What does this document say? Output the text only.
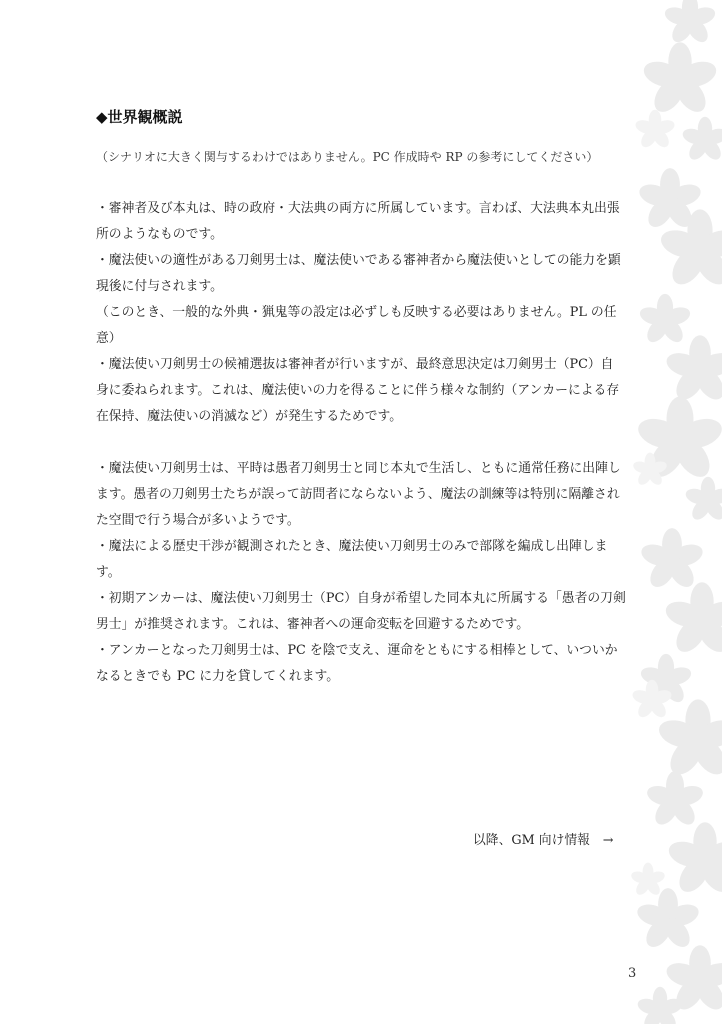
◆世界観概説
（シナリオに大きく関与するわけではありません。PC 作成時や RP の参考にしてください）

・審神者及び本丸は、時の政府・大法典の両方に所属しています。言わば、大法典本丸出張所のようなものです。

・魔法使いの適性がある刀剣男士は、魔法使いである審神者から魔法使いとしての能力を顕現後に付与されます。

（このとき、一般的な外典・猟鬼等の設定は必ずしも反映する必要はありません。PL の任意）

・魔法使い刀剣男士の候補選抜は審神者が行いますが、最終意思決定は刀剣男士（PC）自身に委ねられます。これは、魔法使いの力を得ることに伴う様々な制約（アンカーによる存在保持、魔法使いの消滅など）が発生するためです。

・魔法使い刀剣男士は、平時は愚者刀剣男士と同じ本丸で生活し、ともに通常任務に出陣します。愚者の刀剣男士たちが誤って訪問者にならないよう、魔法の訓練等は特別に隔離された空間で行う場合が多いようです。

・魔法による歴史干渉が観測されたとき、魔法使い刀剣男士のみで部隊を編成し出陣します。

・初期アンカーは、魔法使い刀剣男士（PC）自身が希望した同本丸に所属する「愚者の刀剣男士」が推奨されます。これは、審神者への運命変転を回避するためです。

・アンカーとなった刀剣男士は、PC を陰で支え、運命をともにする相棒として、いついかなるときでも PC に力を貸してくれます。

以降、GM 向け情報　→
3
